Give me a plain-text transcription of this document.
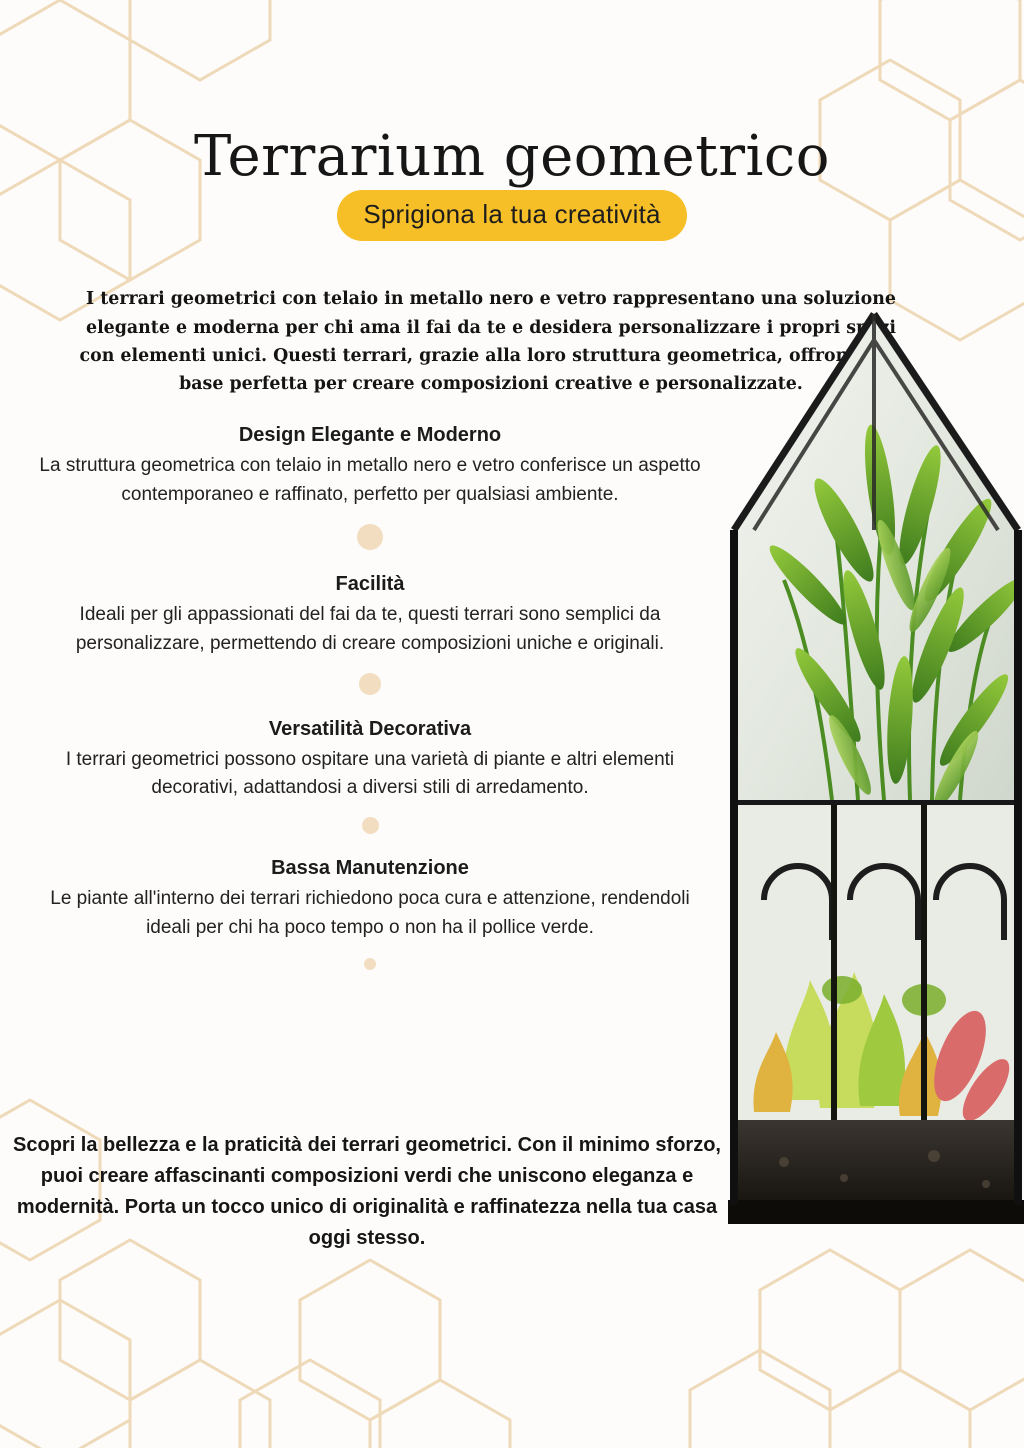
Terrarium geometrico
Sprigiona la tua creatività

I terrari geometrici con telaio in metallo nero e vetro rappresentano una soluzione elegante e moderna per chi ama il fai da te e desidera personalizzare i propri spazi con elementi unici. Questi terrari, grazie alla loro struttura geometrica, offrono una base perfetta per creare composizioni creative e personalizzate.

Design Elegante e Moderno
La struttura geometrica con telaio in metallo nero e vetro conferisce un aspetto contemporaneo e raffinato, perfetto per qualsiasi ambiente.
Facilità
Ideali per gli appassionati del fai da te, questi terrari sono semplici da personalizzare, permettendo di creare composizioni uniche e originali.
Versatilità Decorativa
I terrari geometrici possono ospitare una varietà di piante e altri elementi decorativi, adattandosi a diversi stili di arredamento.
Bassa Manutenzione
Le piante all'interno dei terrari richiedono poca cura e attenzione, rendendoli ideali per chi ha poco tempo o non ha il pollice verde.

Scopri la bellezza e la praticità dei terrari geometrici. Con il minimo sforzo, puoi creare affascinanti composizioni verdi che uniscono eleganza e modernità. Porta un tocco unico di originalità e raffinatezza nella tua casa oggi stesso.
